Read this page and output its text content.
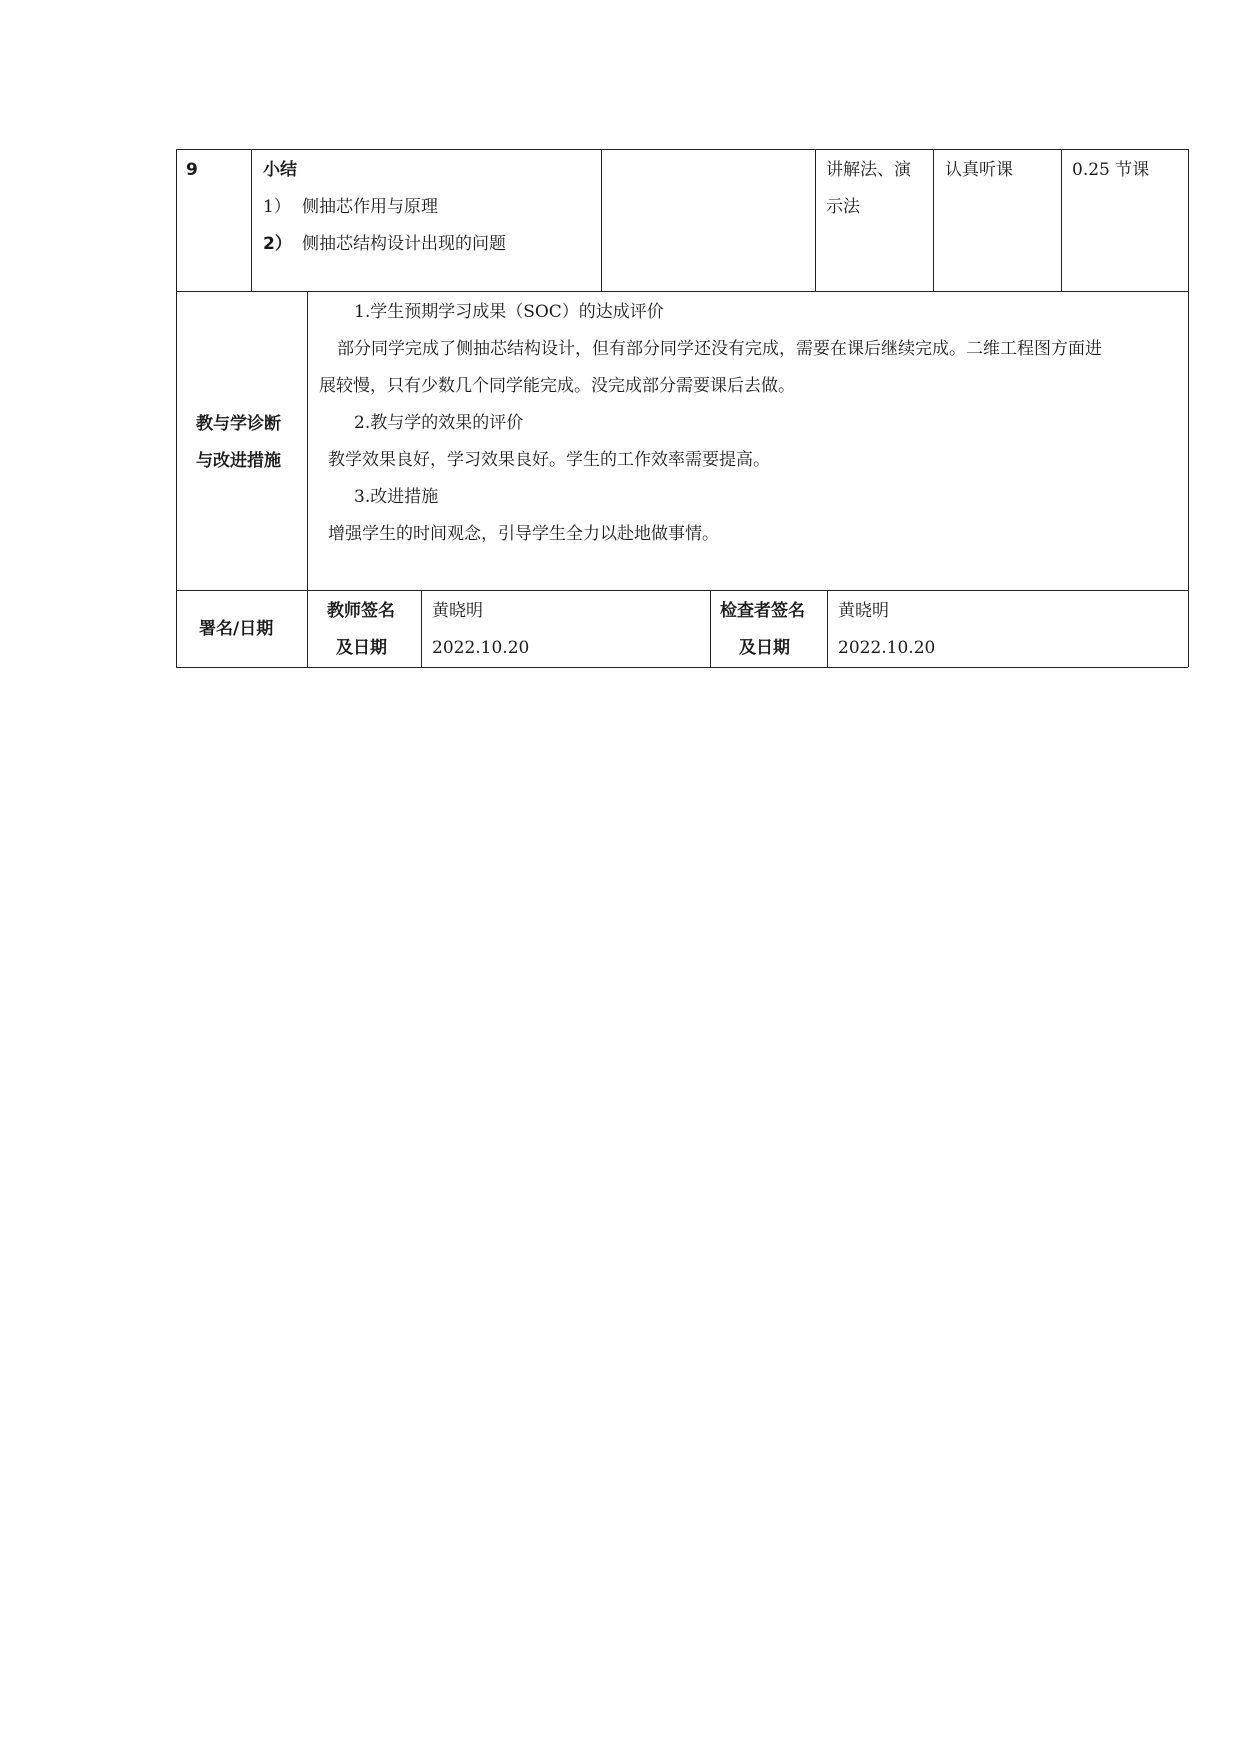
9	小结
1） 侧抽芯作用与原理
2） 侧抽芯结构设计出现的问题
讲解法、演
示法
认真听课	0.25 节课
教与学诊断
与改进措施
1.学生预期学习成果（SOC）的达成评价
部分同学完成了侧抽芯结构设计，但有部分同学还没有完成，需要在课后继续完成。二维工程图方面进
展较慢，只有少数几个同学能完成。没完成部分需要课后去做。
2.教与学的效果的评价
教学效果良好，学习效果良好。学生的工作效率需要提高。
3.改进措施
增强学生的时间观念，引导学生全力以赴地做事情。
署名/日期
教师签名
及日期
黄晓明
2022.10.20
检查者签名
及日期
黄晓明
2022.10.20
